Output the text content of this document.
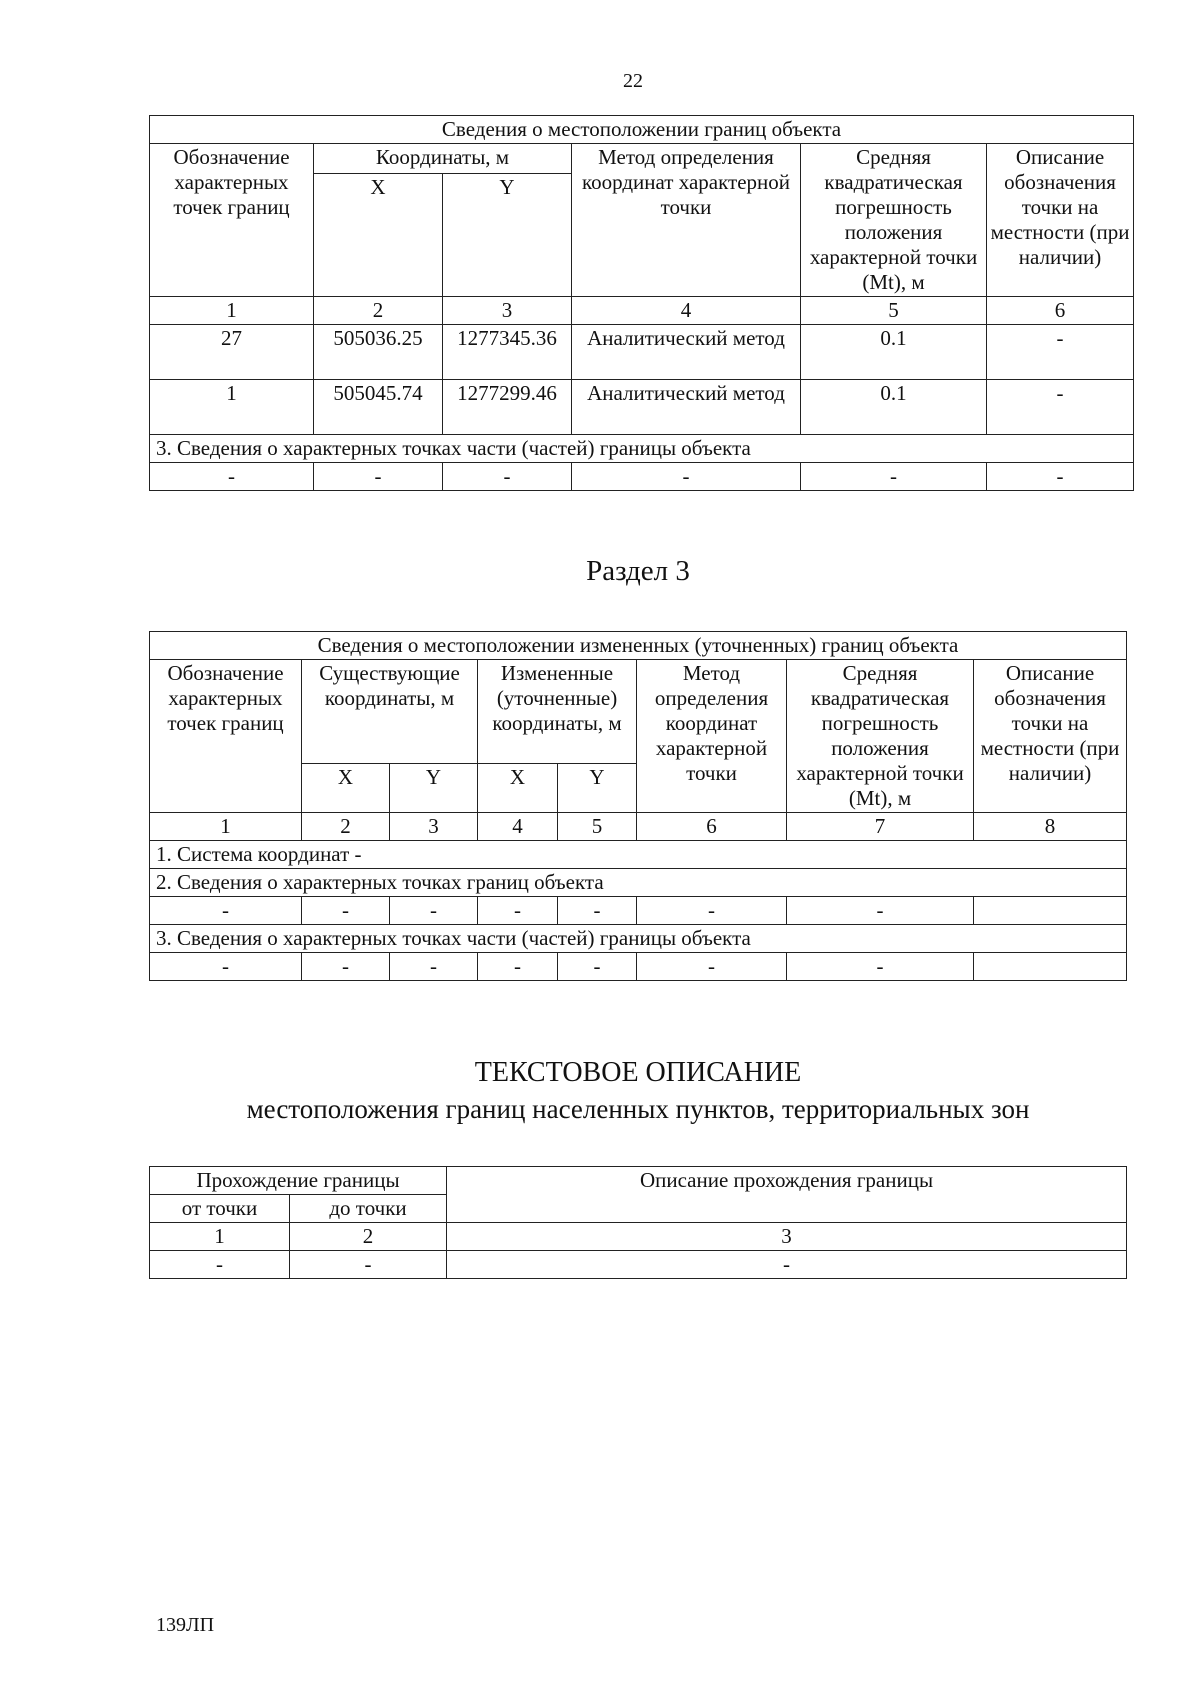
22
Сведения о местоположении границ объекта					
Обозначение характерных точек границ	Координаты, м		Метод определения координат характерной точки	Средняя квадратическая погрешность положения характерной точки (Mt), м	Описание обозначения точки на местности (при наличии)
	X	Y			
1	2	3	4	5	6
27	505036.25	1277345.36	Аналитический метод	0.1	-
1	505045.74	1277299.46	Аналитический метод	0.1	-
3. Сведения о характерных точках части (частей) границы объекта					
-	-	-	-	-	-
Раздел 3
Сведения о местоположении измененных (уточненных) границ объекта							
Обозначение характерных точек границ	Существующие координаты, м		Измененные (уточненные) координаты, м		Метод определения координат характерной точки	Средняя квадратическая погрешность положения характерной точки (Mt), м	Описание обозначения точки на местности (при наличии)
	X	Y	X	Y			
1	2	3	4	5	6	7	8
1. Система координат -							
2. Сведения о характерных точках границ объекта							
-	-	-	-	-	-	-	
3. Сведения о характерных точках части (частей) границы объекта							
-	-	-	-	-	-	-	
ТЕКСТОВОЕ ОПИСАНИЕ
местоположения границ населенных пунктов, территориальных зон
Прохождение границы		Описание прохождения границы
от точки	до точки	
1	2	3
-	-	-
139ЛП
